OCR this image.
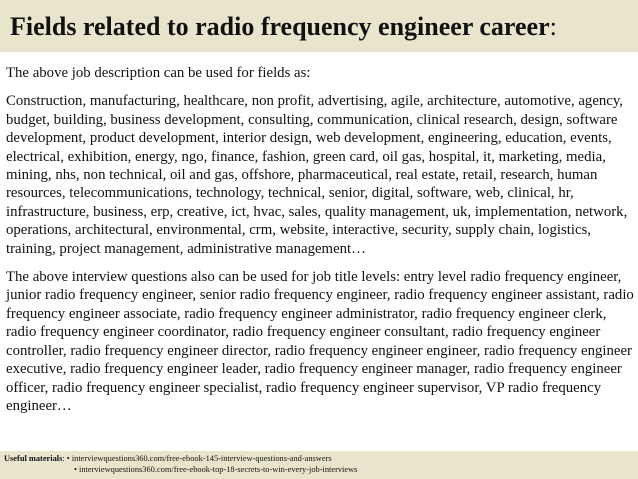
Fields related to radio frequency engineer career:

The above job description can be used for fields as:

Construction, manufacturing, healthcare, non profit, advertising, agile, architecture, automotive, agency, budget, building, business development, consulting, communication, clinical research, design, software development, product development, interior design, web development, engineering, education, events, electrical, exhibition, energy, ngo, finance, fashion, green card, oil gas, hospital, it, marketing, media, mining, nhs, non technical, oil and gas, offshore, pharmaceutical, real estate, retail, research, human resources, telecommunications, technology, technical, senior, digital, software, web, clinical, hr, infrastructure, business, erp, creative, ict, hvac, sales, quality management, uk, implementation, network, operations, architectural, environmental, crm, website, interactive, security, supply chain, logistics, training, project management, administrative management…

The above interview questions also can be used for job title levels: entry level radio frequency engineer, junior radio frequency engineer, senior radio frequency engineer, radio frequency engineer assistant, radio frequency engineer associate, radio frequency engineer administrator, radio frequency engineer clerk, radio frequency engineer coordinator, radio frequency engineer consultant, radio frequency engineer controller, radio frequency engineer director, radio frequency engineer engineer, radio frequency engineer executive, radio frequency engineer leader, radio frequency engineer manager, radio frequency engineer officer, radio frequency engineer specialist, radio frequency engineer supervisor, VP radio frequency engineer…

Useful materials: • interviewquestions360.com/free-ebook-145-interview-questions-and-answers
• interviewquestions360.com/free-ebook-top-18-secrets-to-win-every-job-interviews
